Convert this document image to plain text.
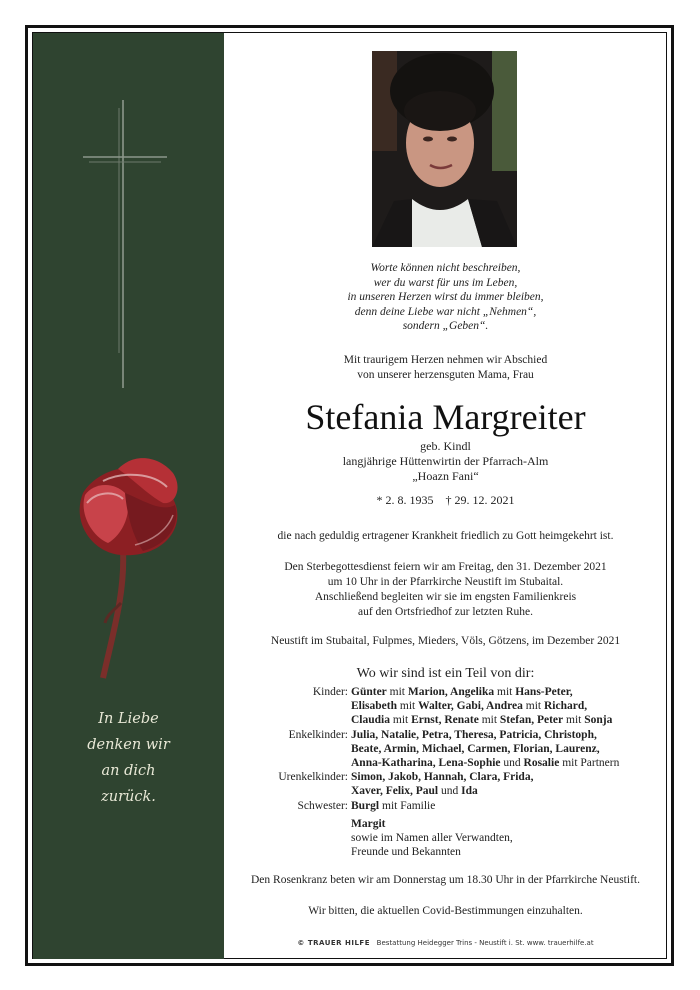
In Liebe
denken wir
an dich
zurück.
Worte können nicht beschreiben,
wer du warst für uns im Leben,
in unseren Herzen wirst du immer bleiben,
denn deine Liebe war nicht „Nehmen“,
sondern „Geben“.
Mit traurigem Herzen nehmen wir Abschied
von unserer herzensguten Mama, Frau
Stefania Margreiter
geb. Kindl
langjährige Hüttenwirtin der Pfarrach-Alm
„Hoazn Fani“
* 2. 8. 1935 † 29. 12. 2021
die nach geduldig ertragener Krankheit friedlich zu Gott heimgekehrt ist.
Den Sterbegottesdienst feiern wir am Freitag, den 31. Dezember 2021
um 10 Uhr in der Pfarrkirche Neustift im Stubaital.
Anschließend begleiten wir sie im engsten Familienkreis
auf den Ortsfriedhof zur letzten Ruhe.
Neustift im Stubaital, Fulpmes, Mieders, Völs, Götzens, im Dezember 2021
Wo wir sind ist ein Teil von dir:
Kinder: Günter mit Marion, Angelika mit Hans-Peter,
Elisabeth mit Walter, Gabi, Andrea mit Richard,
Claudia mit Ernst, Renate mit Stefan, Peter mit Sonja
Enkelkinder: Julia, Natalie, Petra, Theresa, Patricia, Christoph,
Beate, Armin, Michael, Carmen, Florian, Laurenz,
Anna-Katharina, Lena-Sophie und Rosalie mit Partnern
Urenkelkinder: Simon, Jakob, Hannah, Clara, Frida,
Xaver, Felix, Paul und Ida
Schwester: Burgl mit Familie
Margit
sowie im Namen aller Verwandten,
Freunde und Bekannten
Den Rosenkranz beten wir am Donnerstag um 18.30 Uhr in der Pfarrkirche Neustift.
Wir bitten, die aktuellen Covid-Bestimmungen einzuhalten.
© TRAUER HILFE Bestattung Heidegger Trins - Neustift i. St. www. trauerhilfe.at
